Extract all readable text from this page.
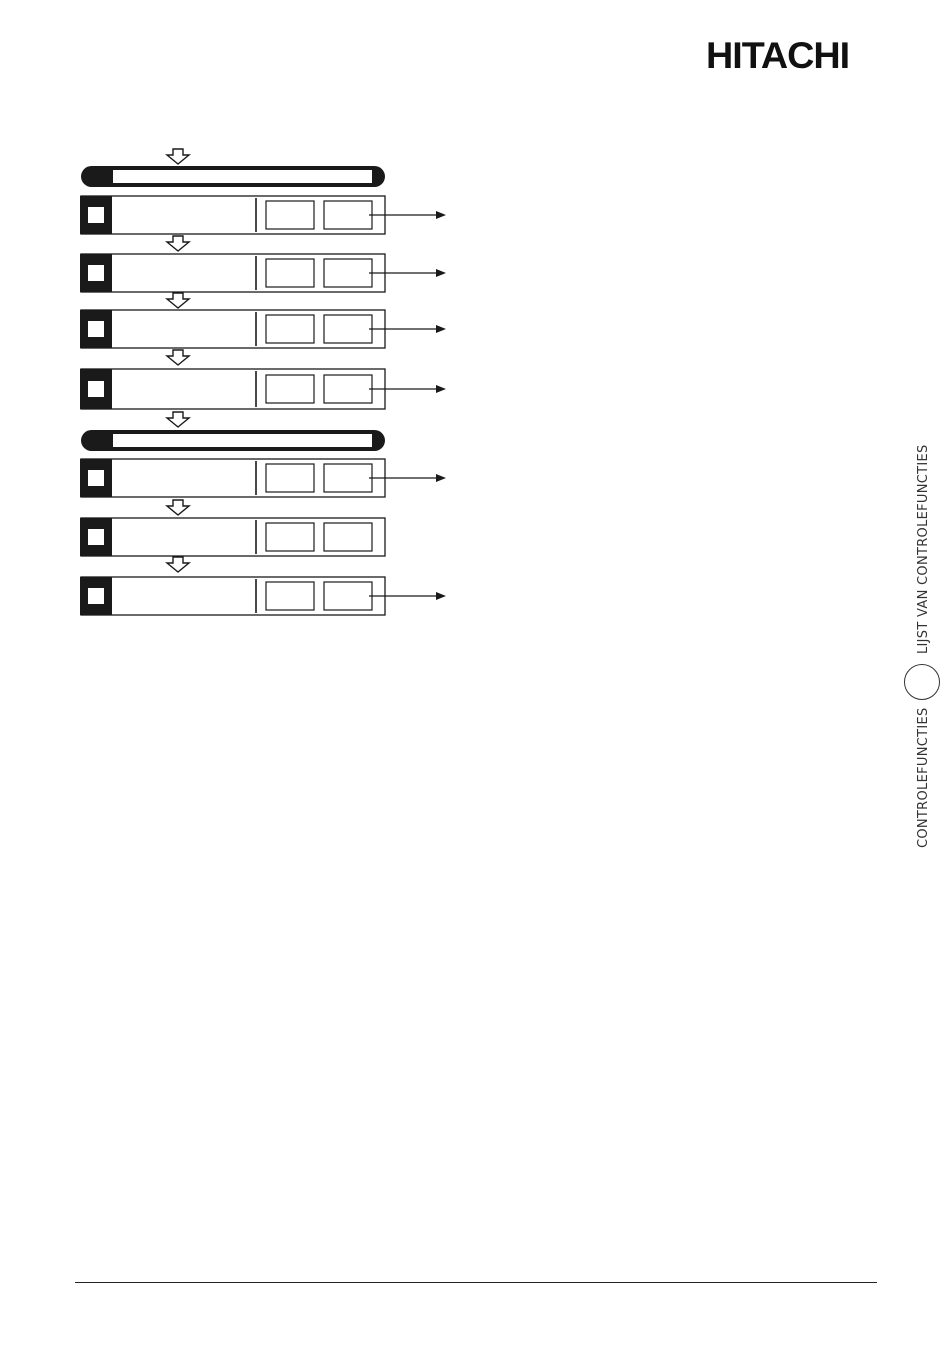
HITACHI
LIJST VAN CONTROLEFUNCTIES
CONTROLEFUNCTIES
